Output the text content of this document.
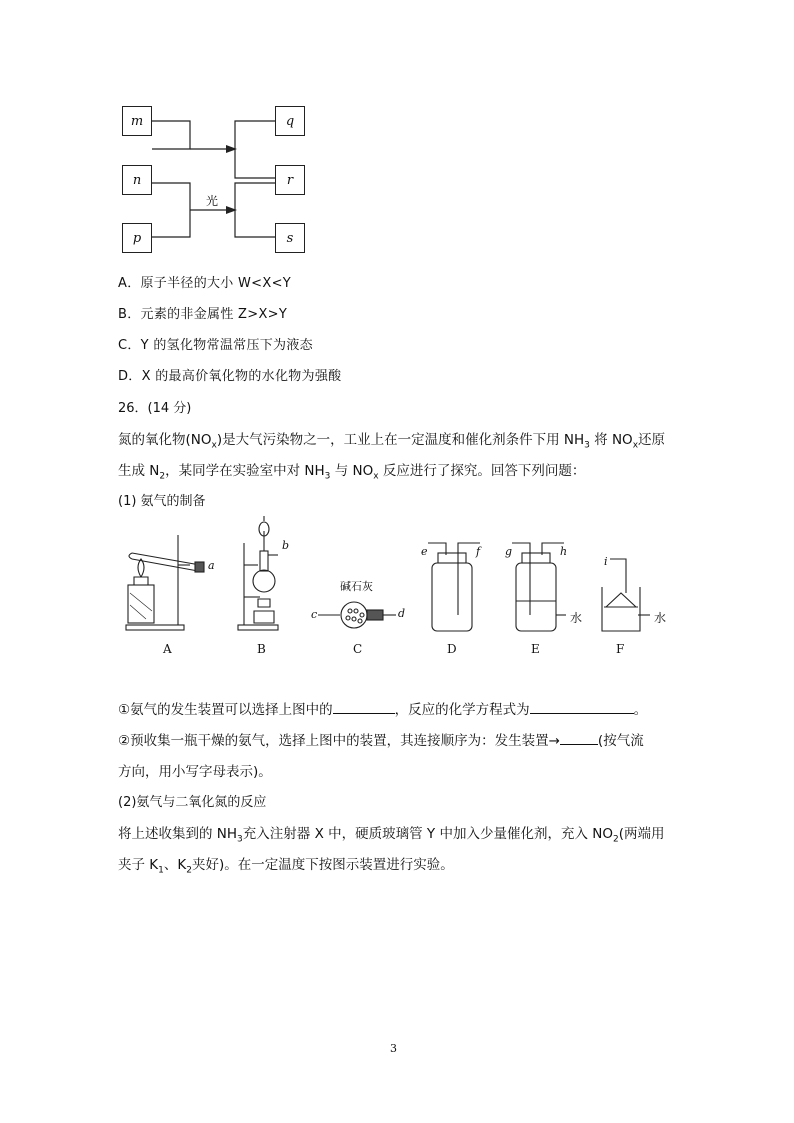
m
n
p
q
r
s
光
A．原子半径的大小 W<X<Y
B．元素的非金属性 Z>X>Y
C．Y 的氢化物常温常压下为液态
D．X 的最高价氧化物的水化物为强酸
26．(14 分)
氮的氧化物$(NO_x)$是大气污染物之一，工业上在一定温度和催化剂条件下用 $NH_3$ 将 $NO_x$还原
生成 $N_2$，某同学在实验室中对 $NH_3$ 与 $NO_x$ 反应进行了探究。回答下列问题：
(1) 氨气的制备
碱石灰
水	水
a
b
c	d
e	f g	h
i
A	B	C	D	E	F
①氨气的发生装置可以选择上图中的	，反应的化学方程式为	。
②预收集一瓶干燥的氨气，选择上图中的装置，其连接顺序为：发生装置→	(按气流
方向，用小写字母表示)。
(2)氨气与二氧化氮的反应
将上述收集到的 $NH_3$充入注射器 X 中，硬质玻璃管 Y 中加入少量催化剂，充入 $NO_2$(两端用
夹子 $K_1$、$K_2$夹好)。在一定温度下按图示装置进行实验。
3
